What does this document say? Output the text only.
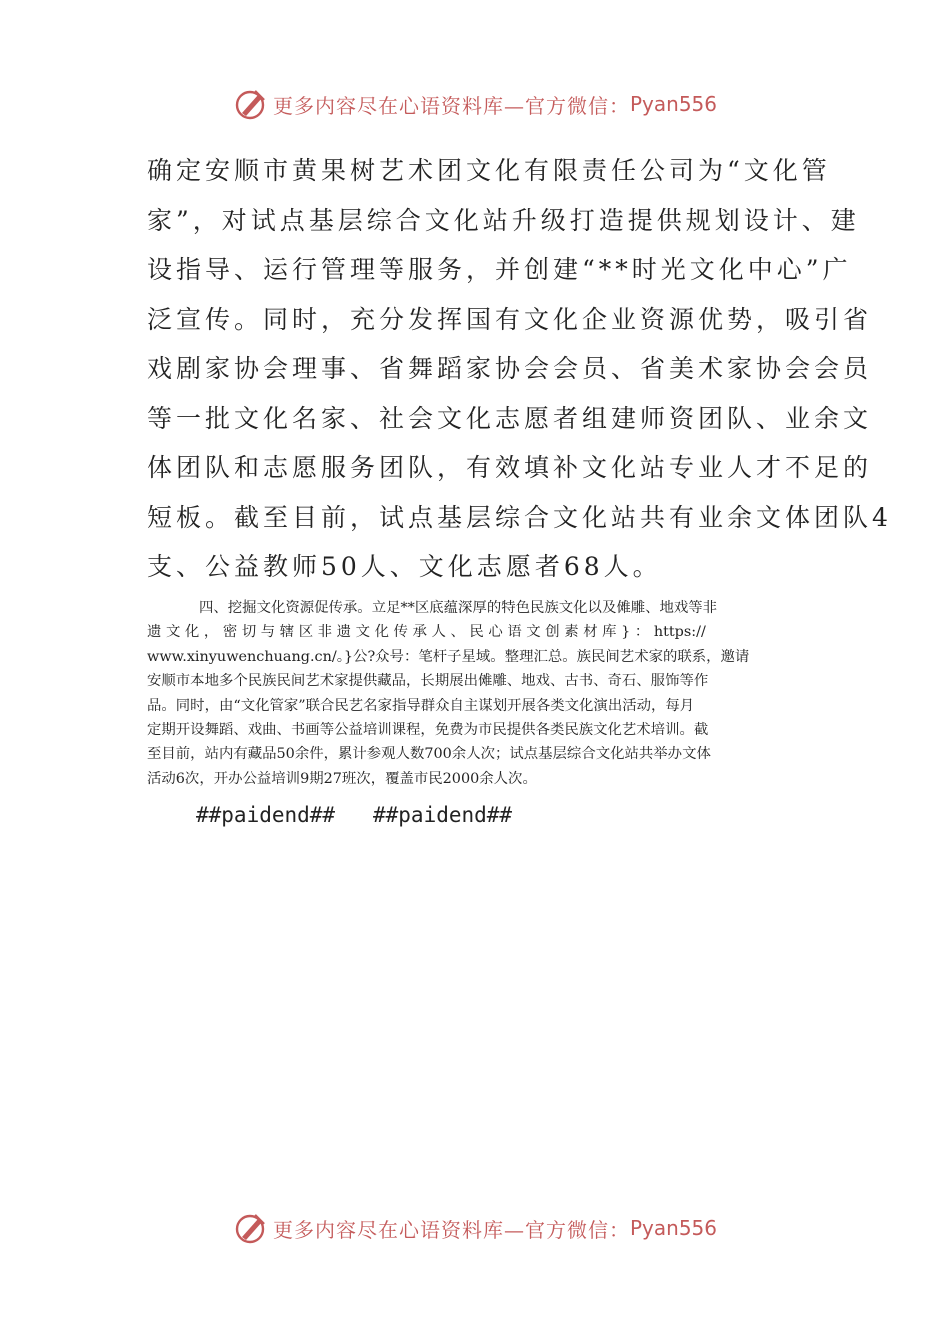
更多内容尽在心语资料库—官方微信： Pyan556
确定安顺市黄果树艺术团文化有限责任公司为“文化管
家”，对试点基层综合文化站升级打造提供规划设计、建
设指导、运行管理等服务，并创建“**时光文化中心”广
泛宣传。同时，充分发挥国有文化企业资源优势，吸引省
戏剧家协会理事、省舞蹈家协会会员、省美术家协会会员
等一批文化名家、社会文化志愿者组建师资团队、业余文
体团队和志愿服务团队，有效填补文化站专业人才不足的
短板。截至目前，试点基层综合文化站共有业余文体团队4
支、公益教师50人、文化志愿者68人。
四、挖掘文化资源促传承。立足**区底蕴深厚的特色民族文化以及傩雕、地戏等非
遗 文 化 ， 密 切 与 辖 区 非 遗 文 化 传 承 人 、 民 心 语 文 创 素 材 库 } ： https://
www.xinyuwenchuang.cn/。}公?众号：笔杆子星域。整理汇总。族民间艺术家的联系，邀请
安顺市本地多个民族民间艺术家提供藏品，长期展出傩雕、地戏、古书、奇石、服饰等作
品。同时，由“文化管家”联合民艺名家指导群众自主谋划开展各类文化演出活动，每月
定期开设舞蹈、戏曲、书画等公益培训课程，免费为市民提供各类民族文化艺术培训。截
至目前，站内有藏品50余件，累计参观人数700余人次；试点基层综合文化站共举办文体
活动6次，开办公益培训9期27班次，覆盖市民2000余人次。
##paidend##   ##paidend##
更多内容尽在心语资料库—官方微信： Pyan556
